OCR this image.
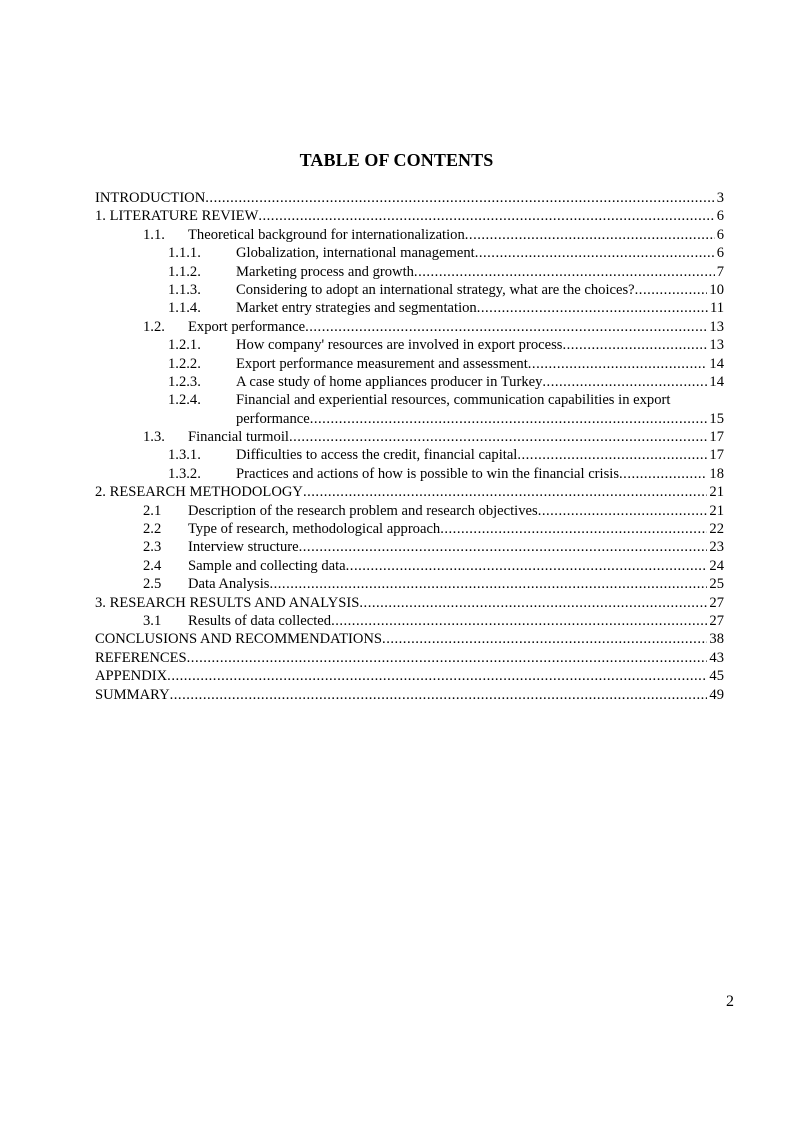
TABLE OF CONTENTS
INTRODUCTION .....	3
1. LITERATURE REVIEW .....	6
1.1. Theoretical background for internationalization .....	6
1.1.1. Globalization, international management .....	6
1.1.2. Marketing process and growth .....	7
1.1.3. Considering to adopt an international strategy, what are the choices? .....	10
1.1.4. Market entry strategies and segmentation .....	11
1.2. Export performance .....	13
1.2.1. How company' resources are involved in export process .....	13
1.2.2. Export performance measurement and assessment .....	14
1.2.3. A case study of home appliances producer in Turkey .....	14
1.2.4. Financial and experiential resources, communication capabilities in export
performance .....	15
1.3. Financial turmoil .....	17
1.3.1. Difficulties to access the credit, financial capital .....	17
1.3.2. Practices and actions of how is possible to win the financial crisis .....	18
2. RESEARCH METHODOLOGY .....	21
2.1 Description of the research problem and research objectives .....	21
2.2 Type of research, methodological approach .....	22
2.3 Interview structure .....	23
2.4 Sample and collecting data .....	24
2.5 Data Analysis .....	25
3. RESEARCH RESULTS AND ANALYSIS .....	27
3.1 Results of data collected .....	27
CONCLUSIONS AND RECOMMENDATIONS .....	38
REFERENCES .....	43
APPENDIX .....	45
SUMMARY .....	49
2
